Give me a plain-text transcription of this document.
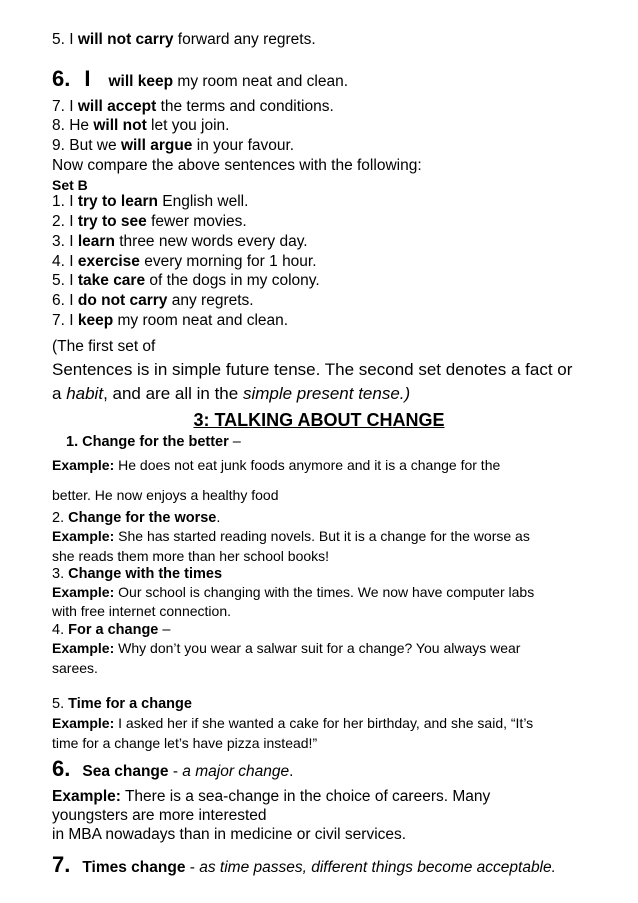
5. I will not carry forward any regrets.
6. I will keep my room neat and clean.
7. I will accept the terms and conditions.
8. He will not let you join.
9. But we will argue in your favour.
Now compare the above sentences with the following:
Set B
1. I try to learn English well.
2. I try to see fewer movies.
3. I learn three new words every day.
4. I exercise every morning for 1 hour.
5. I take care of the dogs in my colony.
6. I do not carry any regrets.
7. I keep my room neat and clean.
(The first set of
Sentences is in simple future tense. The second set denotes a fact or
a habit, and are all in the simple present tense.)
3: TALKING ABOUT CHANGE
1. Change for the better –
Example: He does not eat junk foods anymore and it is a change for the
better. He now enjoys a healthy food
2. Change for the worse.
Example: She has started reading novels. But it is a change for the worse as
she reads them more than her school books!
3. Change with the times
Example: Our school is changing with the times. We now have computer labs
with free internet connection.
4. For a change –
Example: Why don’t you wear a salwar suit for a change? You always wear
sarees.
5. Time for a change
Example: I asked her if she wanted a cake for her birthday, and she said, “It’s
time for a change let’s have pizza instead!”
6. Sea change - a major change.
Example: There is a sea-change in the choice of careers. Many
youngsters are more interested
in MBA nowadays than in medicine or civil services.
7. Times change - as time passes, different things become acceptable.
